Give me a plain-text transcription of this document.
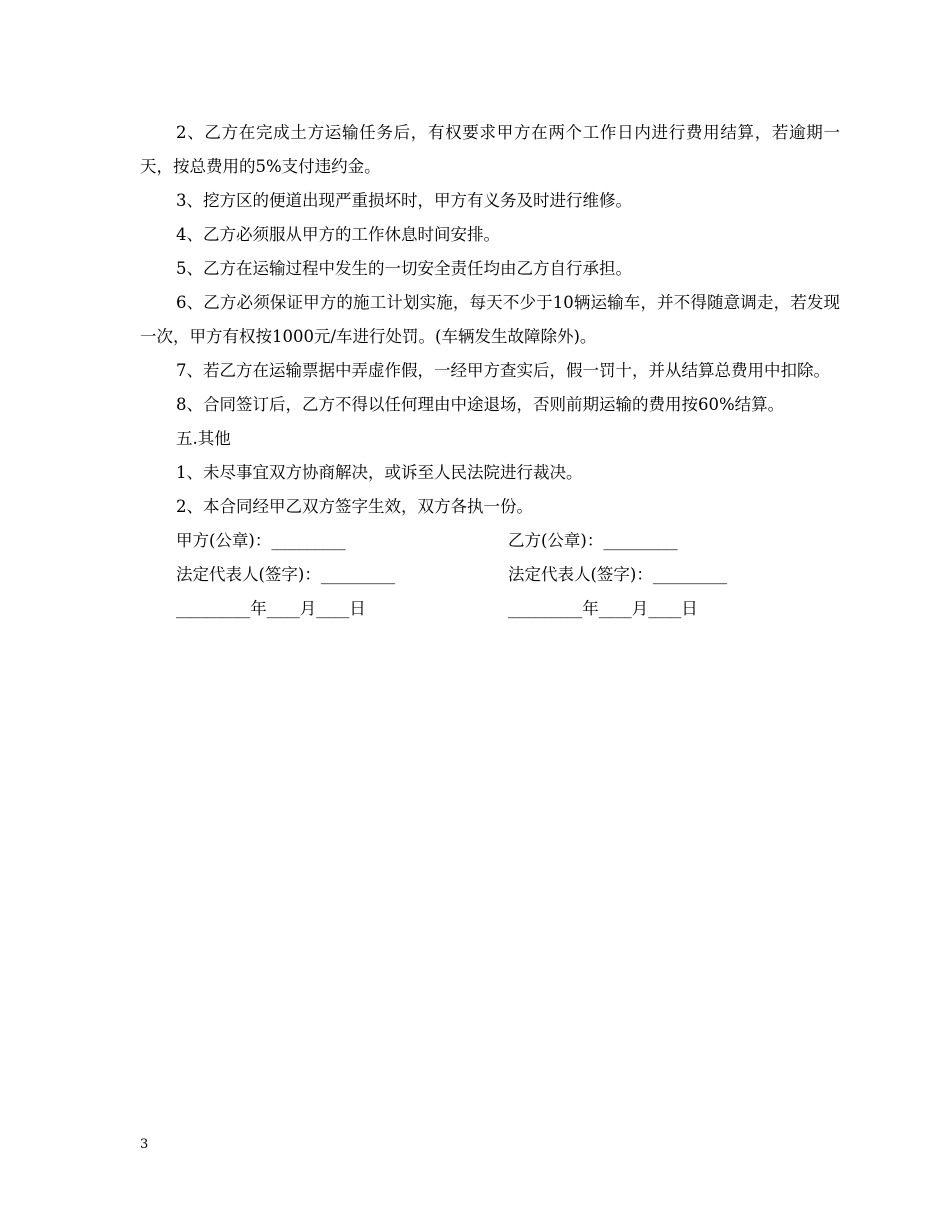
2、乙方在完成土方运输任务后，有权要求甲方在两个工作日内进行费用结算，若逾期一天，按总费用的5%支付违约金。

3、挖方区的便道出现严重损坏时，甲方有义务及时进行维修。

4、乙方必须服从甲方的工作休息时间安排。

5、乙方在运输过程中发生的一切安全责任均由乙方自行承担。

6、乙方必须保证甲方的施工计划实施，每天不少于10辆运输车，并不得随意调走，若发现一次，甲方有权按1000元/车进行处罚。(车辆发生故障除外)。

7、若乙方在运输票据中弄虚作假，一经甲方查实后，假一罚十，并从结算总费用中扣除。

8、合同签订后，乙方不得以任何理由中途退场，否则前期运输的费用按60%结算。

五.其他

1、未尽事宜双方协商解决，或诉至人民法院进行裁决。

2、本合同经甲乙双方签字生效，双方各执一份。

甲方(公章)：_________	乙方(公章)：_________
法定代表人(签字)：_________	法定代表人(签字)：_________
_________年____月____日	_________年____月____日
3
